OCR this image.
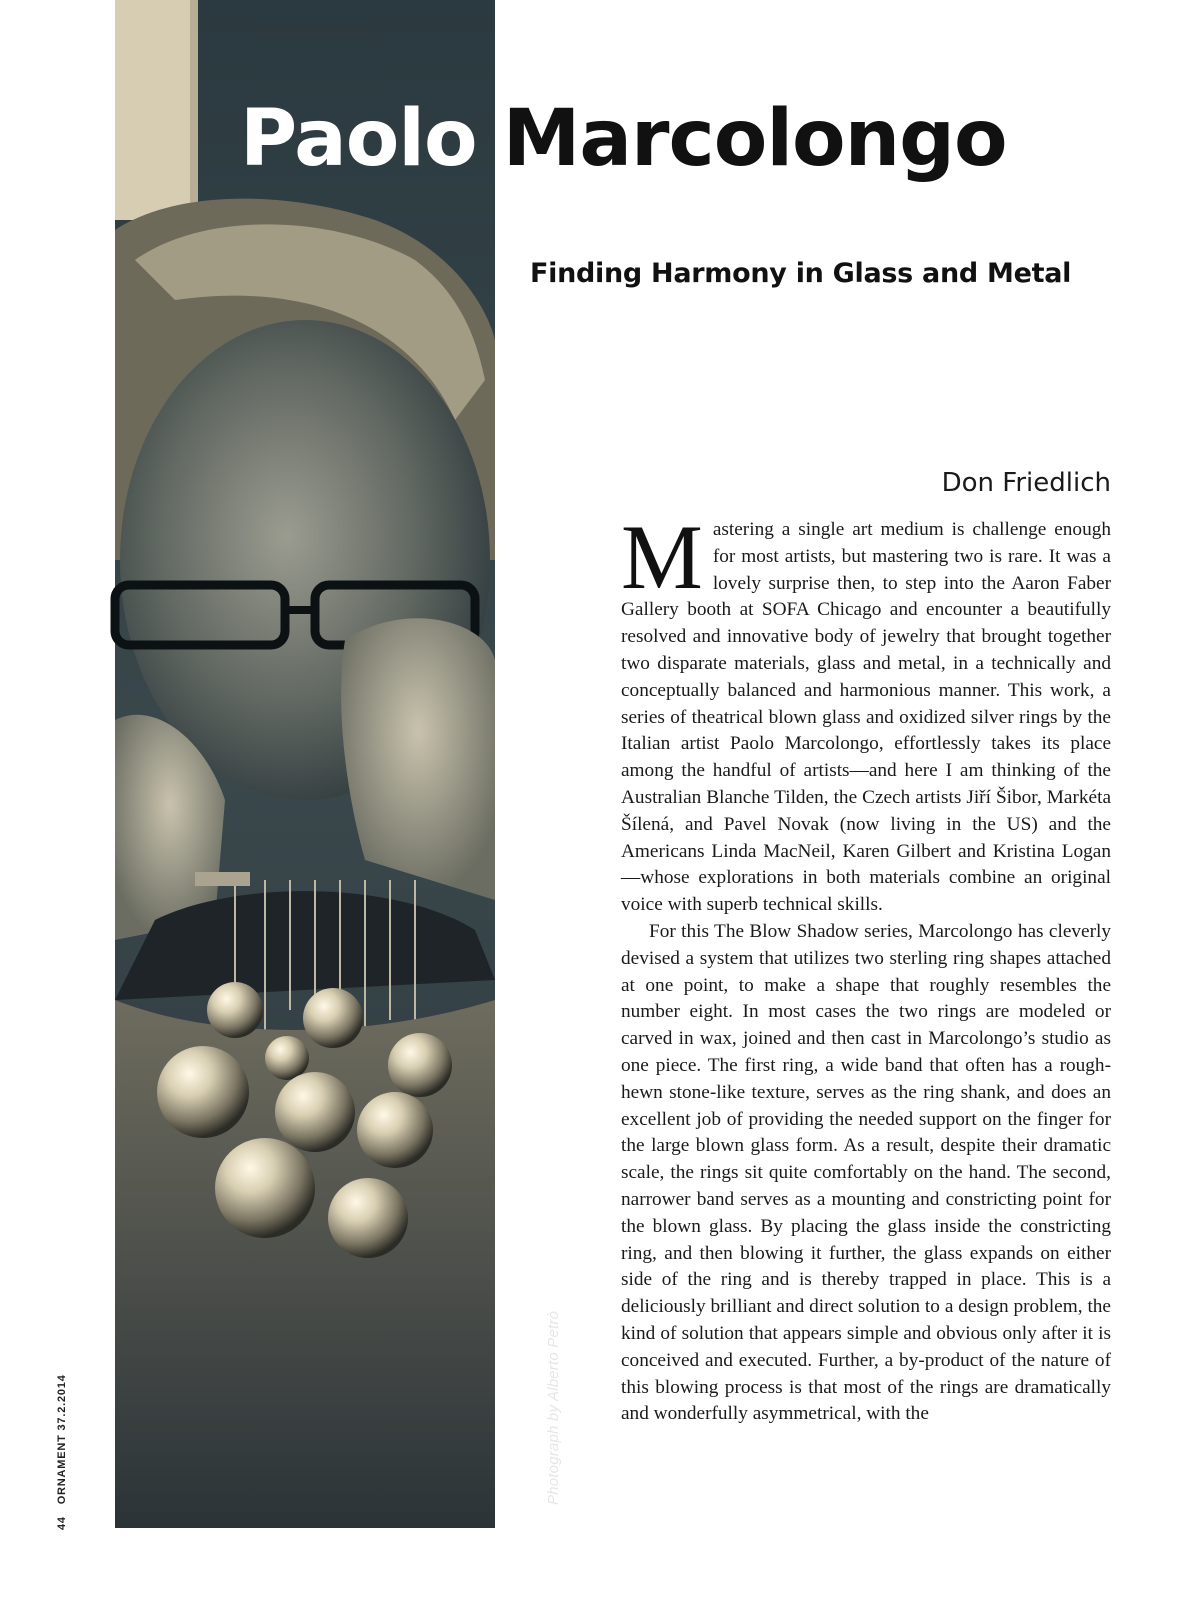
Photograph by Alberto Petrò
44 ORNAMENT 37.2.2014
Paolo Marcolongo
Finding Harmony in Glass and Metal
Don Friedlich

Mastering a single art medium is challenge enough for most artists, but mastering two is rare. It was a lovely surprise then, to step into the Aaron Faber Gallery booth at SOFA Chicago and encounter a beautifully resolved and innovative body of jewelry that brought together two disparate materials, glass and metal, in a technically and conceptually balanced and harmonious manner. This work, a series of theatrical blown glass and oxidized silver rings by the Italian artist Paolo Marcolongo, effortlessly takes its place among the handful of artists—and here I am thinking of the Australian Blanche Tilden, the Czech artists Jiří Šibor, Markéta Šílená, and Pavel Novak (now living in the US) and the Americans Linda MacNeil, Karen Gilbert and Kristina Logan—whose explorations in both materials combine an original voice with superb technical skills.

For this The Blow Shadow series, Marcolongo has cleverly devised a system that utilizes two sterling ring shapes attached at one point, to make a shape that roughly resembles the number eight. In most cases the two rings are modeled or carved in wax, joined and then cast in Marcolongo’s studio as one piece. The first ring, a wide band that often has a rough-hewn stone-like texture, serves as the ring shank, and does an excellent job of providing the needed support on the finger for the large blown glass form. As a result, despite their dramatic scale, the rings sit quite comfortably on the hand. The second, narrower band serves as a mounting and constricting point for the blown glass. By placing the glass inside the constricting ring, and then blowing it further, the glass expands on either side of the ring and is thereby trapped in place. This is a deliciously brilliant and direct solution to a design problem, the kind of solution that appears simple and obvious only after it is conceived and executed. Further, a by-product of the nature of this blowing process is that most of the rings are dramatically and wonderfully asymmetrical, with the
